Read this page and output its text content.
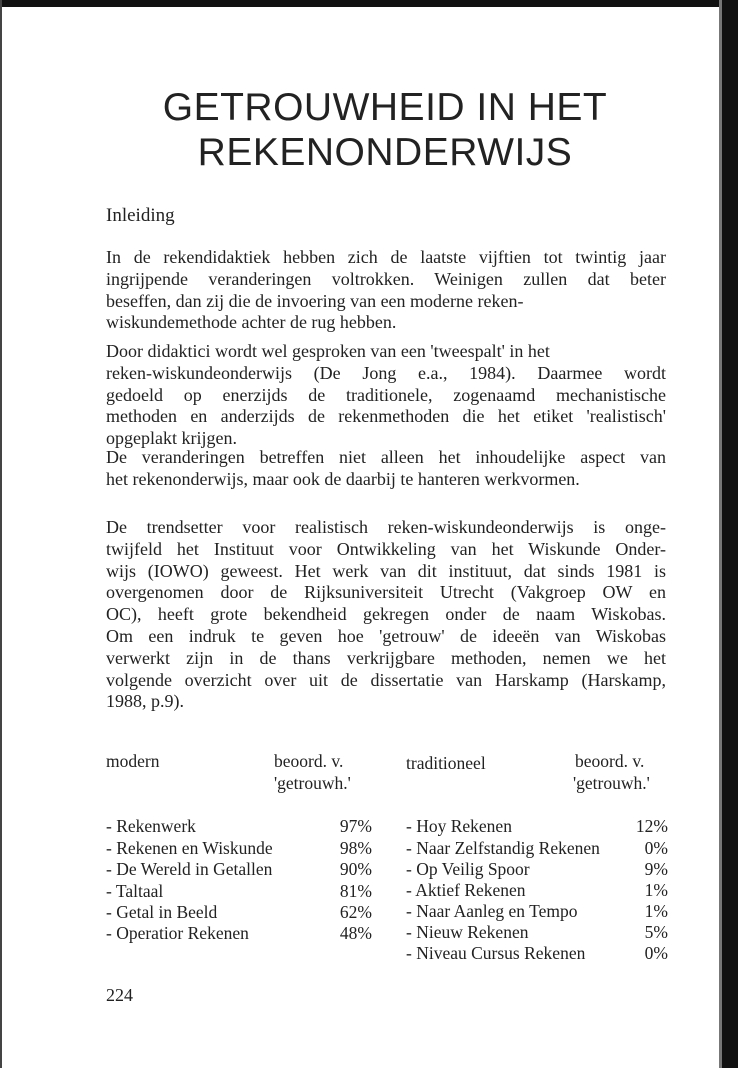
GETROUWHEID IN HET
REKENONDERWIJS
Inleiding
In de rekendidaktiek hebben zich de laatste vijftien tot twintig jaar
ingrijpende veranderingen voltrokken. Weinigen zullen dat beter
beseffen, dan zij die de invoering van een moderne reken-
wiskundemethode achter de rug hebben.
Door didaktici wordt wel gesproken van een 'tweespalt' in het
reken-wiskundeonderwijs (De Jong e.a., 1984). Daarmee wordt
gedoeld op enerzijds de traditionele, zogenaamd mechanistische
methoden en anderzijds de rekenmethoden die het etiket 'realistisch'
opgeplakt krijgen.
De veranderingen betreffen niet alleen het inhoudelijke aspect van
het rekenonderwijs, maar ook de daarbij te hanteren werkvormen.
De trendsetter voor realistisch reken-wiskundeonderwijs is onge-
twijfeld het Instituut voor Ontwikkeling van het Wiskunde Onder-
wijs (IOWO) geweest. Het werk van dit instituut, dat sinds 1981 is
overgenomen door de Rijksuniversiteit Utrecht (Vakgroep OW en
OC), heeft grote bekendheid gekregen onder de naam Wiskobas.
Om een indruk te geven hoe 'getrouw' de ideeën van Wiskobas
verwerkt zijn in de thans verkrijgbare methoden, nemen we het
volgende overzicht over uit de dissertatie van Harskamp (Harskamp,
1988, p.9).
modern	beoord. v.
'getrouwh.'
traditioneel	beoord. v.
'getrouwh.'
- Rekenwerk	97%
- Rekenen en Wiskunde	98%
- De Wereld in Getallen	90%
- Taltaal	81%
- Getal in Beeld	62%
- Operatior Rekenen	48%
- Hoy Rekenen	12%
- Naar Zelfstandig Rekenen	0%
- Op Veilig Spoor	9%
- Aktief Rekenen	1%
- Naar Aanleg en Tempo	1%
- Nieuw Rekenen	5%
- Niveau Cursus Rekenen	0%
224
